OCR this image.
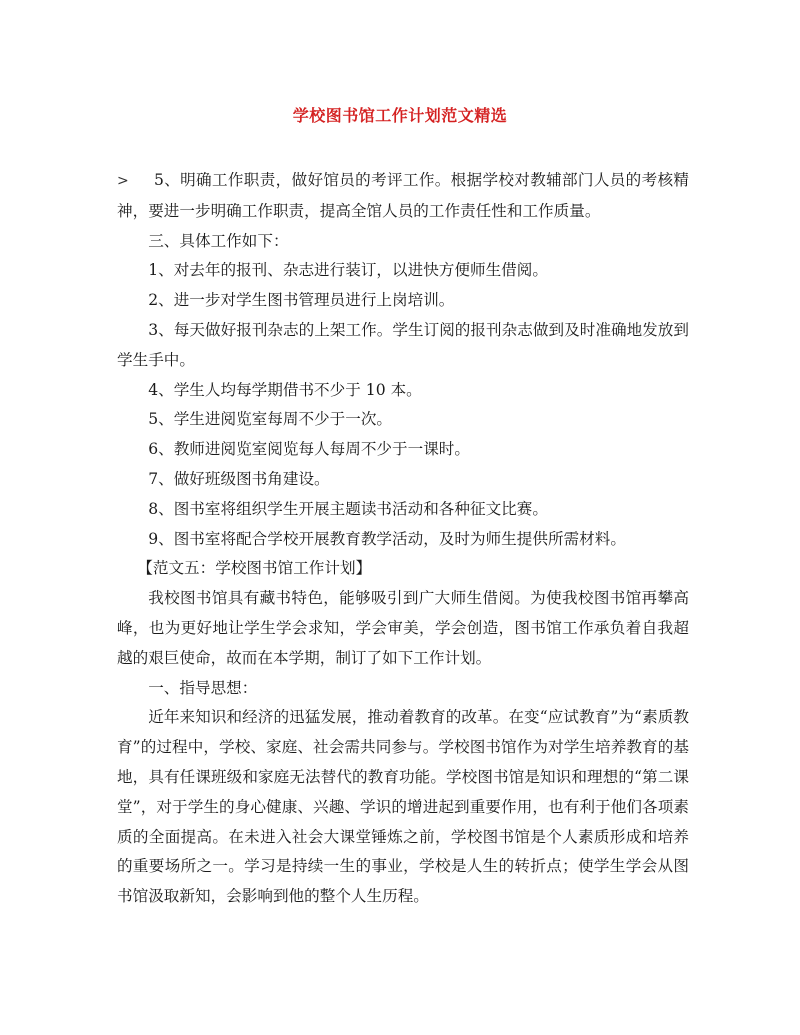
学校图书馆工作计划范文精选

> 5、明确工作职责，做好馆员的考评工作。根据学校对教辅部门人员的考核精神，要进一步明确工作职责，提高全馆人员的工作责任性和工作质量。

三、具体工作如下：

1、对去年的报刊、杂志进行装订，以进快方便师生借阅。

2、进一步对学生图书管理员进行上岗培训。

3、每天做好报刊杂志的上架工作。学生订阅的报刊杂志做到及时准确地发放到学生手中。

4、学生人均每学期借书不少于 10 本。

5、学生进阅览室每周不少于一次。

6、教师进阅览室阅览每人每周不少于一课时。

7、做好班级图书角建设。

8、图书室将组织学生开展主题读书活动和各种征文比赛。

9、图书室将配合学校开展教育教学活动，及时为师生提供所需材料。

【范文五：学校图书馆工作计划】

我校图书馆具有藏书特色，能够吸引到广大师生借阅。为使我校图书馆再攀高峰，也为更好地让学生学会求知，学会审美，学会创造，图书馆工作承负着自我超越的艰巨使命，故而在本学期，制订了如下工作计划。

一、指导思想：

近年来知识和经济的迅猛发展，推动着教育的改革。在变“应试教育”为“素质教育”的过程中，学校、家庭、社会需共同参与。学校图书馆作为对学生培养教育的基地，具有任课班级和家庭无法替代的教育功能。学校图书馆是知识和理想的“第二课堂”，对于学生的身心健康、兴趣、学识的增进起到重要作用，也有利于他们各项素质的全面提高。在未进入社会大课堂锤炼之前，学校图书馆是个人素质形成和培养的重要场所之一。学习是持续一生的事业，学校是人生的转折点；使学生学会从图书馆汲取新知，会影响到他的整个人生历程。
